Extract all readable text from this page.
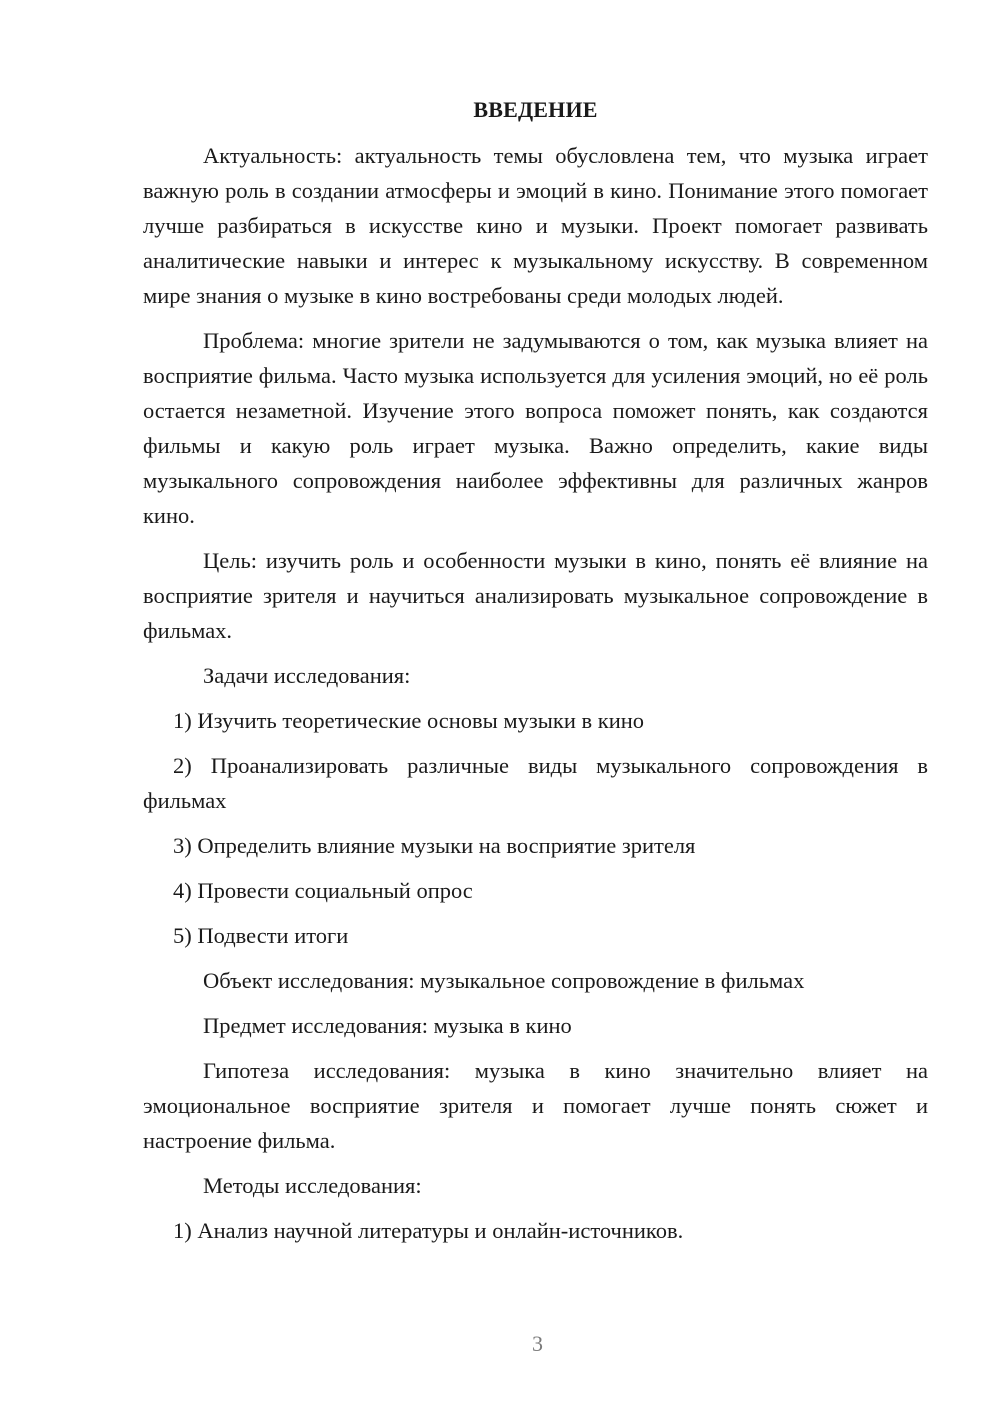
ВВЕДЕНИЕ

Актуальность: актуальность темы обусловлена тем, что музыка играет важную роль в создании атмосферы и эмоций в кино. Понимание этого помогает лучше разбираться в искусстве кино и музыки. Проект помогает развивать аналитические навыки и интерес к музыкальному искусству. В современном мире знания о музыке в кино востребованы среди молодых людей.

Проблема: многие зрители не задумываются о том, как музыка влияет на восприятие фильма. Часто музыка используется для усиления эмоций, но её роль остается незаметной. Изучение этого вопроса поможет понять, как создаются фильмы и какую роль играет музыка. Важно определить, какие виды музыкального сопровождения наиболее эффективны для различных жанров кино.

Цель: изучить роль и особенности музыки в кино, понять её влияние на восприятие зрителя и научиться анализировать музыкальное сопровождение в фильмах.

Задачи исследования:

1) Изучить теоретические основы музыки в кино

2) Проанализировать различные виды музыкального сопровождения в фильмах

3) Определить влияние музыки на восприятие зрителя

4) Провести социальный опрос

5) Подвести итоги

Объект исследования: музыкальное сопровождение в фильмах

Предмет исследования: музыка в кино

Гипотеза исследования: музыка в кино значительно влияет на эмоциональное восприятие зрителя и помогает лучше понять сюжет и настроение фильма.

Методы исследования:

1) Анализ научной литературы и онлайн-источников.

3
